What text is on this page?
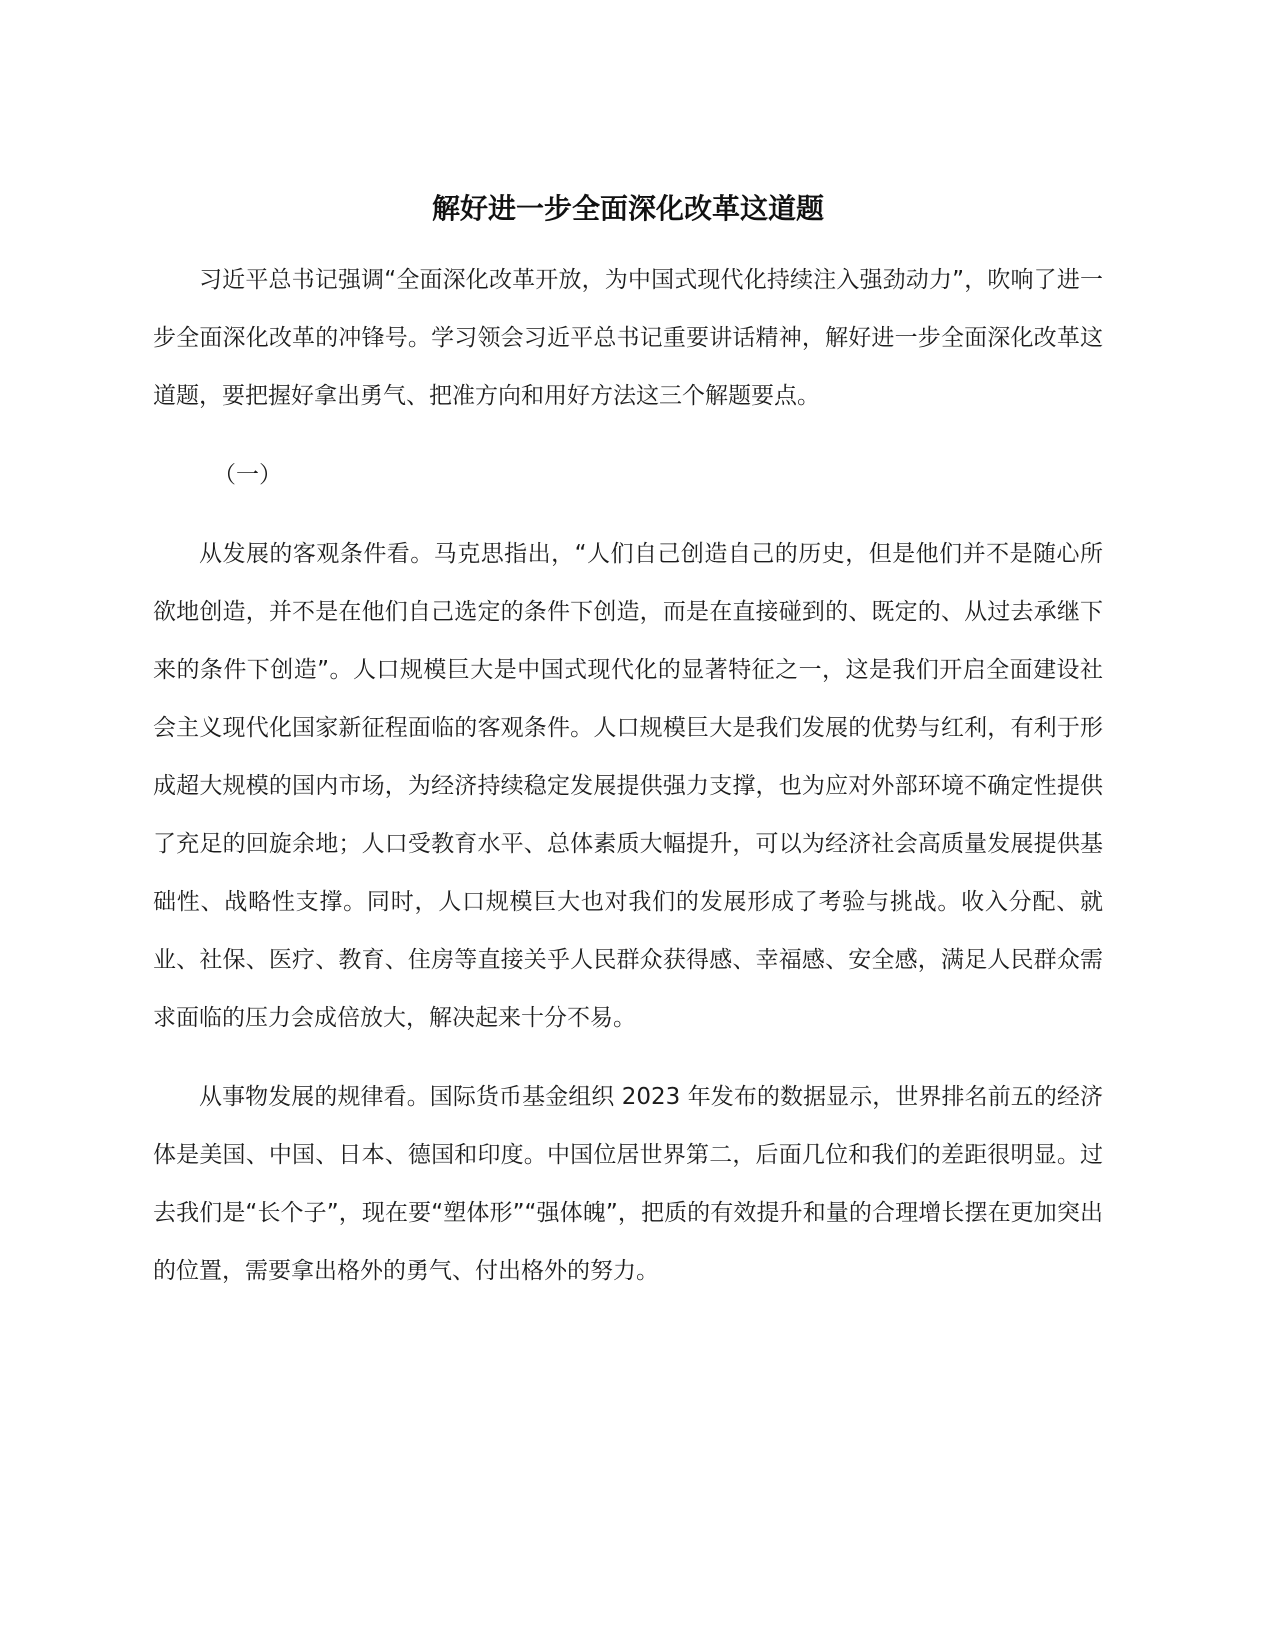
解好进一步全面深化改革这道题

习近平总书记强调“全面深化改革开放，为中国式现代化持续注入强劲动力”，吹响了进一步全面深化改革的冲锋号。学习领会习近平总书记重要讲话精神，解好进一步全面深化改革这道题，要把握好拿出勇气、把准方向和用好方法这三个解题要点。

（一）

从发展的客观条件看。马克思指出，“人们自己创造自己的历史，但是他们并不是随心所欲地创造，并不是在他们自己选定的条件下创造，而是在直接碰到的、既定的、从过去承继下来的条件下创造”。人口规模巨大是中国式现代化的显著特征之一，这是我们开启全面建设社会主义现代化国家新征程面临的客观条件。人口规模巨大是我们发展的优势与红利，有利于形成超大规模的国内市场，为经济持续稳定发展提供强力支撑，也为应对外部环境不确定性提供了充足的回旋余地；人口受教育水平、总体素质大幅提升，可以为经济社会高质量发展提供基础性、战略性支撑。同时，人口规模巨大也对我们的发展形成了考验与挑战。收入分配、就业、社保、医疗、教育、住房等直接关乎人民群众获得感、幸福感、安全感，满足人民群众需求面临的压力会成倍放大，解决起来十分不易。

从事物发展的规律看。国际货币基金组织 2023 年发布的数据显示，世界排名前五的经济体是美国、中国、日本、德国和印度。中国位居世界第二，后面几位和我们的差距很明显。过去我们是“长个子”，现在要“塑体形”“强体魄”，把质的有效提升和量的合理增长摆在更加突出的位置，需要拿出格外的勇气、付出格外的努力。
